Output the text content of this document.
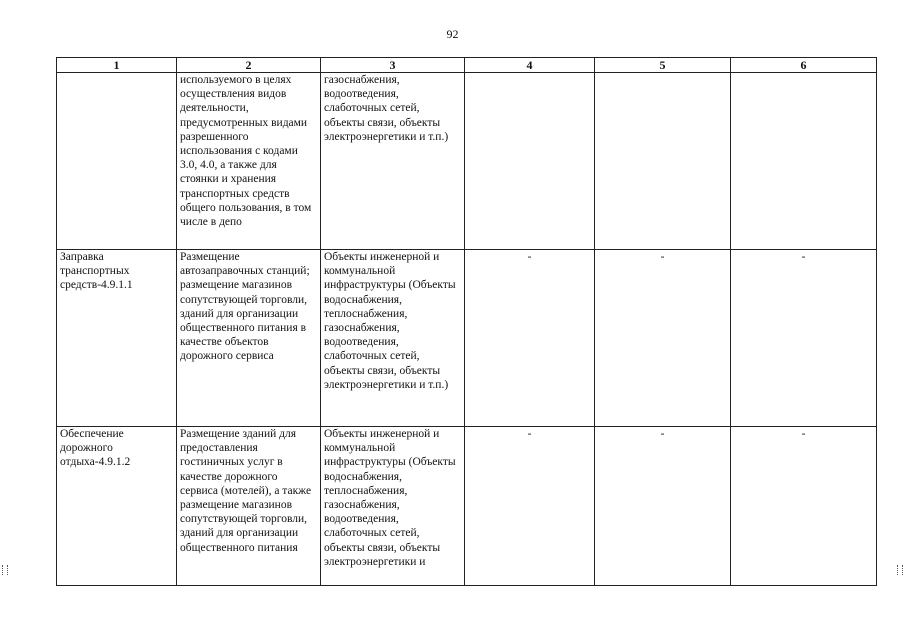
92
1	2	3	4	5	6
	используемого в целях осуществления видов деятельности, предусмотренных видами разрешенного использования с кодами 3.0, 4.0, а также для стоянки и хранения транспортных средств общего пользования, в том числе в депо	газоснабжения, водоотведения, слаботочных сетей, объекты связи, объекты электроэнергетики и т.п.)			
Заправка транспортных средств-4.9.1.1	Размещение автозаправочных станций; размещение магазинов сопутствующей торговли, зданий для организации общественного питания в качестве объектов дорожного сервиса	Объекты инженерной и коммунальной инфраструктуры (Объекты водоснабжения, теплоснабжения, газоснабжения, водоотведения, слаботочных сетей, объекты связи, объекты электроэнергетики и т.п.)	-	-	-
Обеспечение дорожного отдыха-4.9.1.2	Размещение зданий для предоставления гостиничных услуг в качестве дорожного сервиса (мотелей), а также размещение магазинов сопутствующей торговли, зданий для организации общественного питания	Объекты инженерной и коммунальной инфраструктуры (Объекты водоснабжения, теплоснабжения, газоснабжения, водоотведения, слаботочных сетей, объекты связи, объекты электроэнергетики и	-	-	-
